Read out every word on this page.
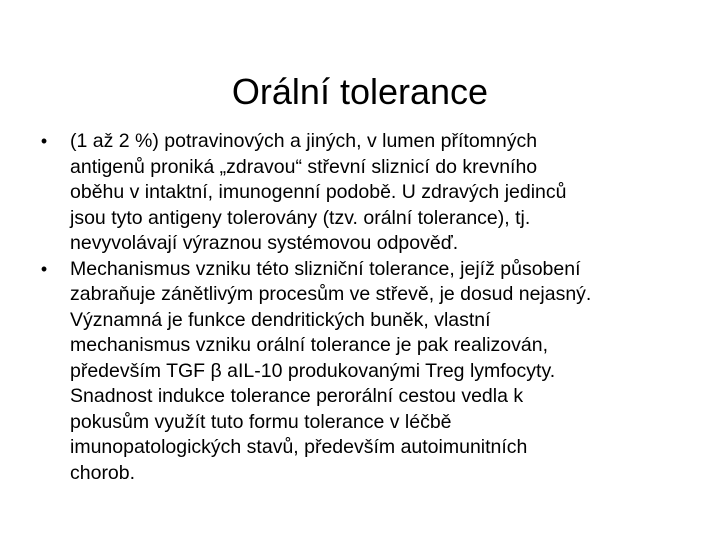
Orální tolerance
•	(1 až 2 %) potravinových a jiných, v lumen přítomných
antigenů proniká „zdravou“ střevní sliznicí do krevního
oběhu v intaktní, imunogenní podobě. U zdravých jedinců
jsou tyto antigeny tolerovány (tzv. orální tolerance), tj.
nevyvolávají výraznou systémovou odpověď.
•	Mechanismus vzniku této slizniční tolerance, jejíž působení
zabraňuje zánětlivým procesům ve střevě, je dosud nejasný.
Významná je funkce dendritických buněk, vlastní
mechanismus vzniku orální tolerance je pak realizován,
především TGF β aIL-10 produkovanými Treg lymfocyty.
Snadnost indukce tolerance perorální cestou vedla k
pokusům využít tuto formu tolerance v léčbě
imunopatologických stavů, především autoimunitních
chorob.
